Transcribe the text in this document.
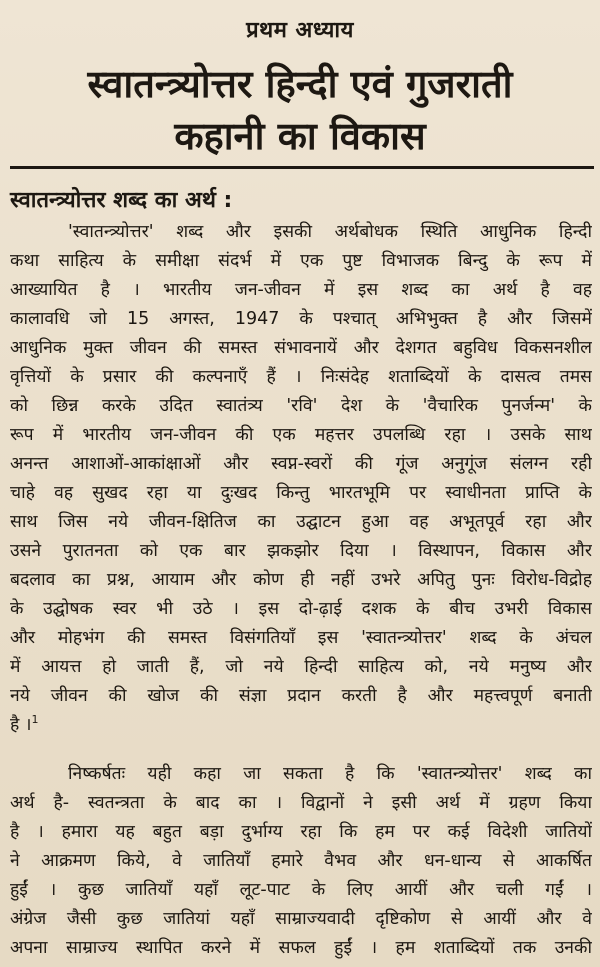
प्रथम अध्याय
स्वातन्त्र्योत्तर हिन्दी एवं गुजराती
कहानी का विकास
स्वातन्त्र्योत्तर शब्द का अर्थ :
'स्वातन्त्र्योत्तर' शब्द और इसकी अर्थबोधक स्थिति आधुनिक हिन्दी
कथा साहित्य के समीक्षा संदर्भ में एक पुष्ट विभाजक बिन्दु के रूप में
आख्यायित है । भारतीय जन-जीवन में इस शब्द का अर्थ है वह
कालावधि जो 15 अगस्त, 1947 के पश्चात् अभिभुक्त है और जिसमें
आधुनिक मुक्त जीवन की समस्त संभावनायें और देशगत बहुविध विकसनशील
वृत्तियों के प्रसार की कल्पनाएँ हैं । निःसंदेह शताब्दियों के दासत्व तमस
को छिन्न करके उदित स्वातंत्र्य 'रवि' देश के 'वैचारिक पुनर्जन्म' के
रूप में भारतीय जन-जीवन की एक महत्तर उपलब्धि रहा । उसके साथ
अनन्त आशाओं-आकांक्षाओं और स्वप्न-स्वरों की गूंज अनुगूंज संलग्न रही
चाहे वह सुखद रहा या दुःखद किन्तु भारतभूमि पर स्वाधीनता प्राप्ति के
साथ जिस नये जीवन-क्षितिज का उद्घाटन हुआ वह अभूतपूर्व रहा और
उसने पुरातनता को एक बार झकझोर दिया । विस्थापन, विकास और
बदलाव का प्रश्न, आयाम और कोण ही नहीं उभरे अपितु पुनः विरोध-विद्रोह
के उद्घोषक स्वर भी उठे । इस दो-ढ़ाई दशक के बीच उभरी विकास
और मोहभंग की समस्त विसंगतियाँ इस 'स्वातन्त्र्योत्तर' शब्द के अंचल
में आयत्त हो जाती हैं, जो नये हिन्दी साहित्य को, नये मनुष्य और
नये जीवन की खोज की संज्ञा प्रदान करती है और महत्त्वपूर्ण बनाती
है ।$^1$
निष्कर्षतः यही कहा जा सकता है कि 'स्वातन्त्र्योत्तर' शब्द का
अर्थ है- स्वतन्त्रता के बाद का । विद्वानों ने इसी अर्थ में ग्रहण किया
है । हमारा यह बहुत बड़ा दुर्भाग्य रहा कि हम पर कई विदेशी जातियों
ने आक्रमण किये, वे जातियाँ हमारे वैभव और धन-धान्य से आकर्षित
हुईं । कुछ जातियाँ यहाँ लूट-पाट के लिए आयीं और चली गईं ।
अंग्रेज जैसी कुछ जातियां यहाँ साम्राज्यवादी दृष्टिकोण से आयीं और वे
अपना साम्राज्य स्थापित करने में सफल हुईं । हम शताब्दियों तक उनकी
